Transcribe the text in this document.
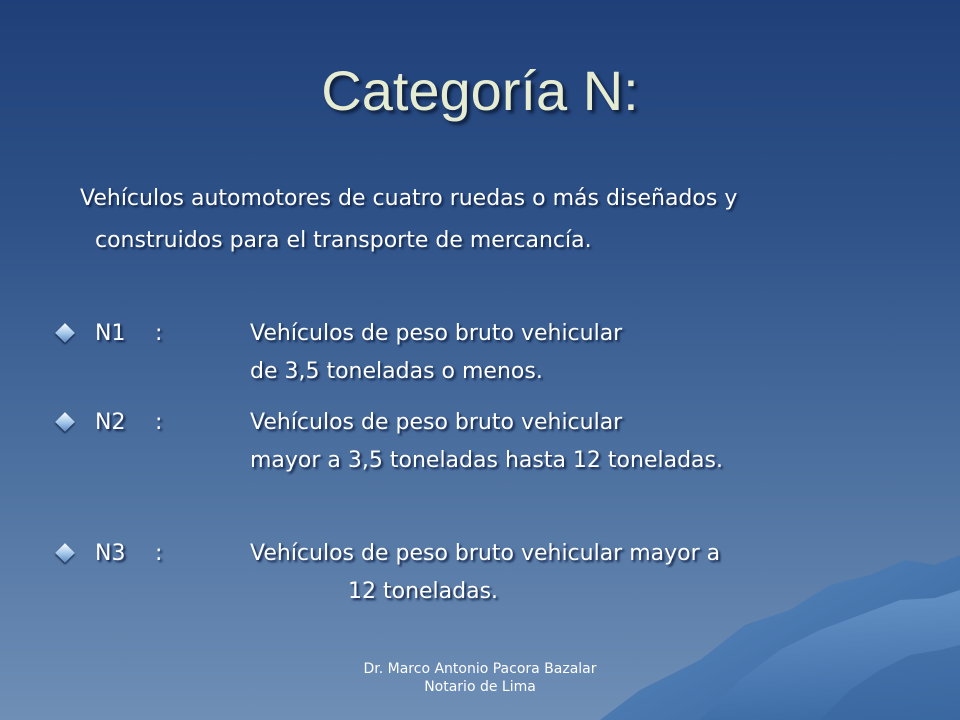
Categoría N:
Vehículos automotores de cuatro ruedas o más diseñados y
construidos para el transporte de mercancía.
N1 :	Vehículos de peso bruto vehicular
de 3,5 toneladas o menos.
N2 :	Vehículos de peso bruto vehicular
mayor a 3,5 toneladas hasta 12 toneladas.
N3 :	Vehículos de peso bruto vehicular mayor a
12 toneladas.
Dr. Marco Antonio Pacora Bazalar
Notario de Lima
